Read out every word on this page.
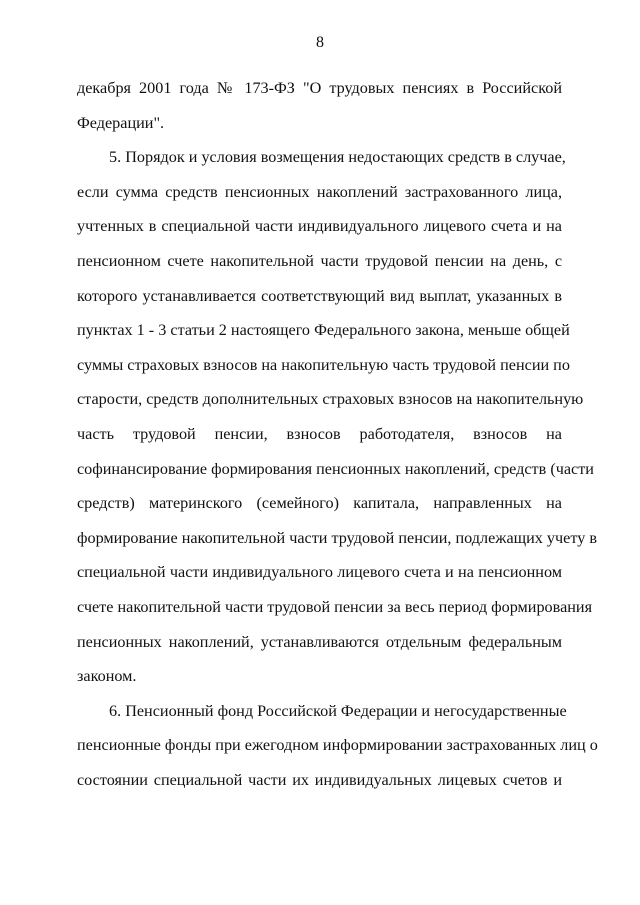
8
декабря 2001 года № 173-ФЗ "О трудовых пенсиях в Российской
Федерации".
5. Порядок и условия возмещения недостающих средств в случае,
если сумма средств пенсионных накоплений застрахованного лица,
учтенных в специальной части индивидуального лицевого счета и на
пенсионном счете накопительной части трудовой пенсии на день, с
которого устанавливается соответствующий вид выплат, указанных в
пунктах 1 - 3 статьи 2 настоящего Федерального закона, меньше общей
суммы страховых взносов на накопительную часть трудовой пенсии по
старости, средств дополнительных страховых взносов на накопительную
часть трудовой пенсии, взносов работодателя, взносов на
софинансирование формирования пенсионных накоплений, средств (части
средств) материнского (семейного) капитала, направленных на
формирование накопительной части трудовой пенсии, подлежащих учету в
специальной части индивидуального лицевого счета и на пенсионном
счете накопительной части трудовой пенсии за весь период формирования
пенсионных накоплений, устанавливаются отдельным федеральным
законом.
6. Пенсионный фонд Российской Федерации и негосударственные
пенсионные фонды при ежегодном информировании застрахованных лиц о
состоянии специальной части их индивидуальных лицевых счетов и
